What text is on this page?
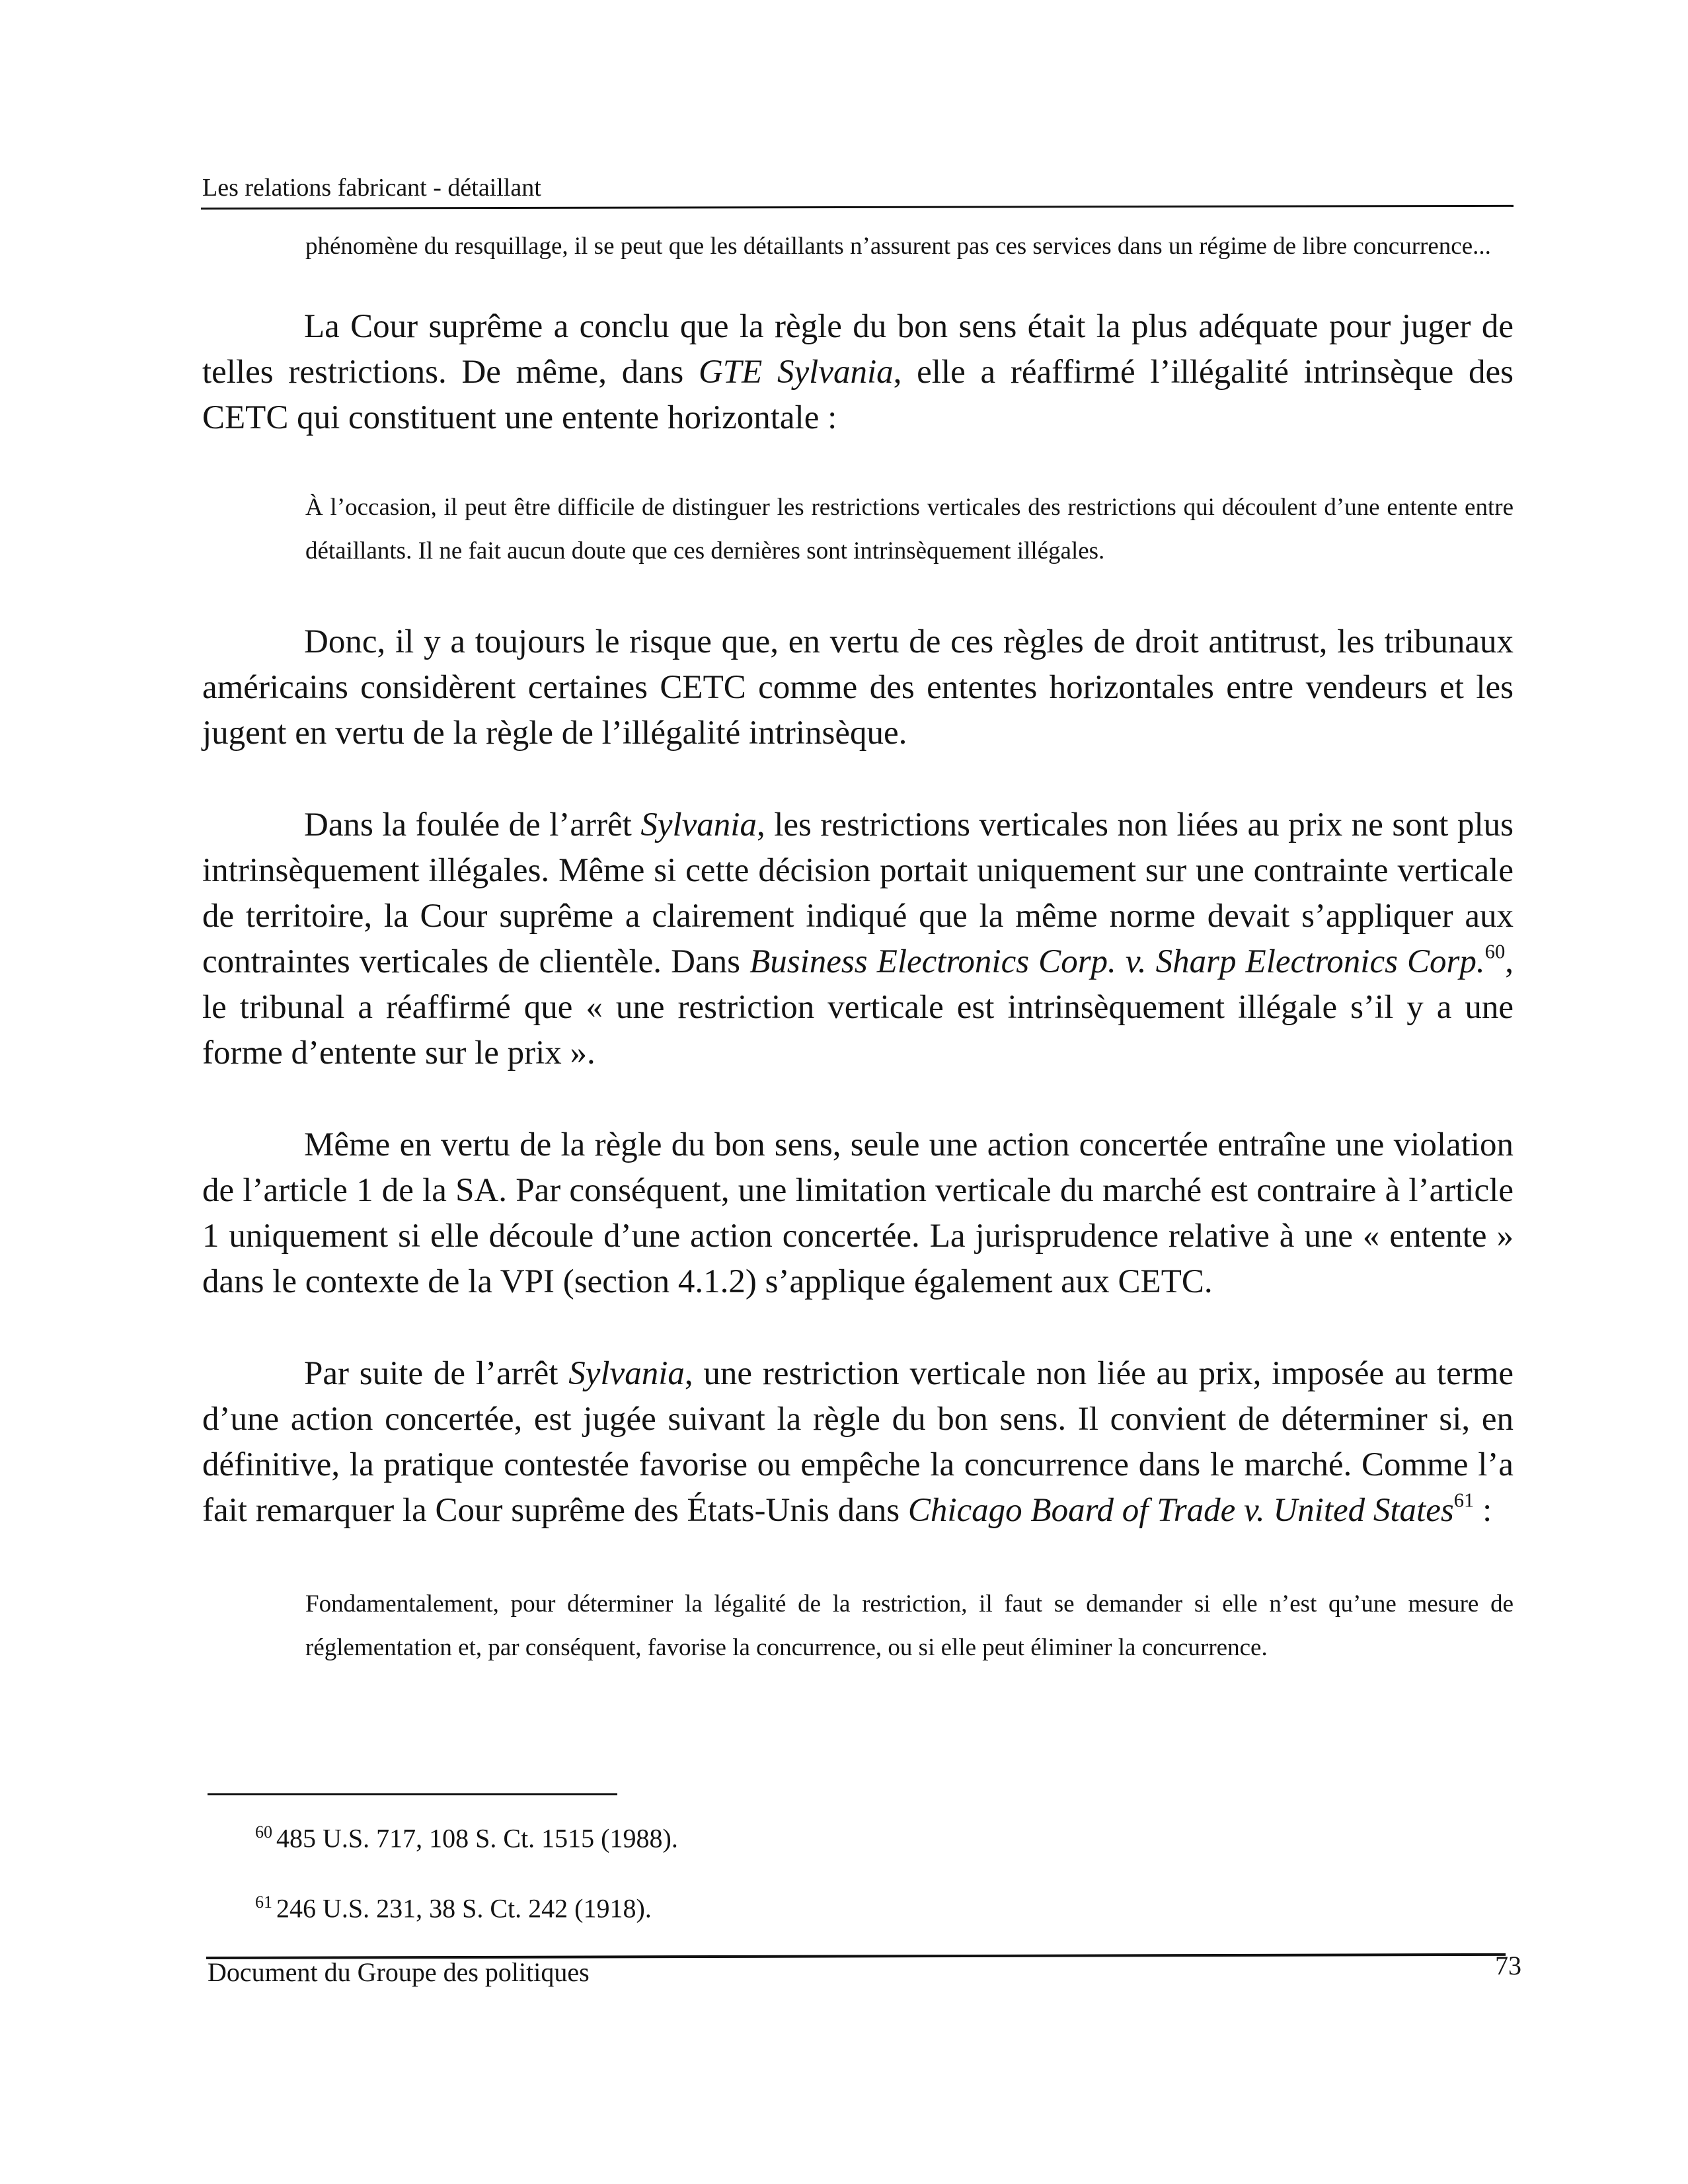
Les relations fabricant - détaillant
phénomène du resquillage, il se peut que les détaillants n’assurent pas ces services dans un régime de libre concurrence...

La Cour suprême a conclu que la règle du bon sens était la plus adéquate pour juger de telles restrictions. De même, dans GTE Sylvania, elle a réaffirmé l’illégalité intrinsèque des CETC qui constituent une entente horizontale :

À l’occasion, il peut être difficile de distinguer les restrictions verticales des restrictions qui découlent d’une entente entre détaillants. Il ne fait aucun doute que ces dernières sont intrinsèquement illégales.

Donc, il y a toujours le risque que, en vertu de ces règles de droit antitrust, les tribunaux américains considèrent certaines CETC comme des ententes horizontales entre vendeurs et les jugent en vertu de la règle de l’illégalité intrinsèque.

Dans la foulée de l’arrêt Sylvania, les restrictions verticales non liées au prix ne sont plus intrinsèquement illégales. Même si cette décision portait uniquement sur une contrainte verticale de territoire, la Cour suprême a clairement indiqué que la même norme devait s’appliquer aux contraintes verticales de clientèle. Dans Business Electronics Corp. v. Sharp Electronics Corp.$^{60}$, le tribunal a réaffirmé que « une restriction verticale est intrinsèquement illégale s’il y a une forme d’entente sur le prix ».

Même en vertu de la règle du bon sens, seule une action concertée entraîne une violation de l’article 1 de la SA. Par conséquent, une limitation verticale du marché est contraire à l’article 1 uniquement si elle découle d’une action concertée. La jurisprudence relative à une « entente » dans le contexte de la VPI (section 4.1.2) s’applique également aux CETC.

Par suite de l’arrêt Sylvania, une restriction verticale non liée au prix, imposée au terme d’une action concertée, est jugée suivant la règle du bon sens. Il convient de déterminer si, en définitive, la pratique contestée favorise ou empêche la concurrence dans le marché. Comme l’a fait remarquer la Cour suprême des États-Unis dans Chicago Board of Trade v. United States$^{61}$ :

Fondamentalement, pour déterminer la légalité de la restriction, il faut se demander si elle n’est qu’une mesure de réglementation et, par conséquent, favorise la concurrence, ou si elle peut éliminer la concurrence.
$^{60}$ 485 U.S. 717, 108 S. Ct. 1515 (1988).
$^{61}$ 246 U.S. 231, 38 S. Ct. 242 (1918).
Document du Groupe des politiques	73
